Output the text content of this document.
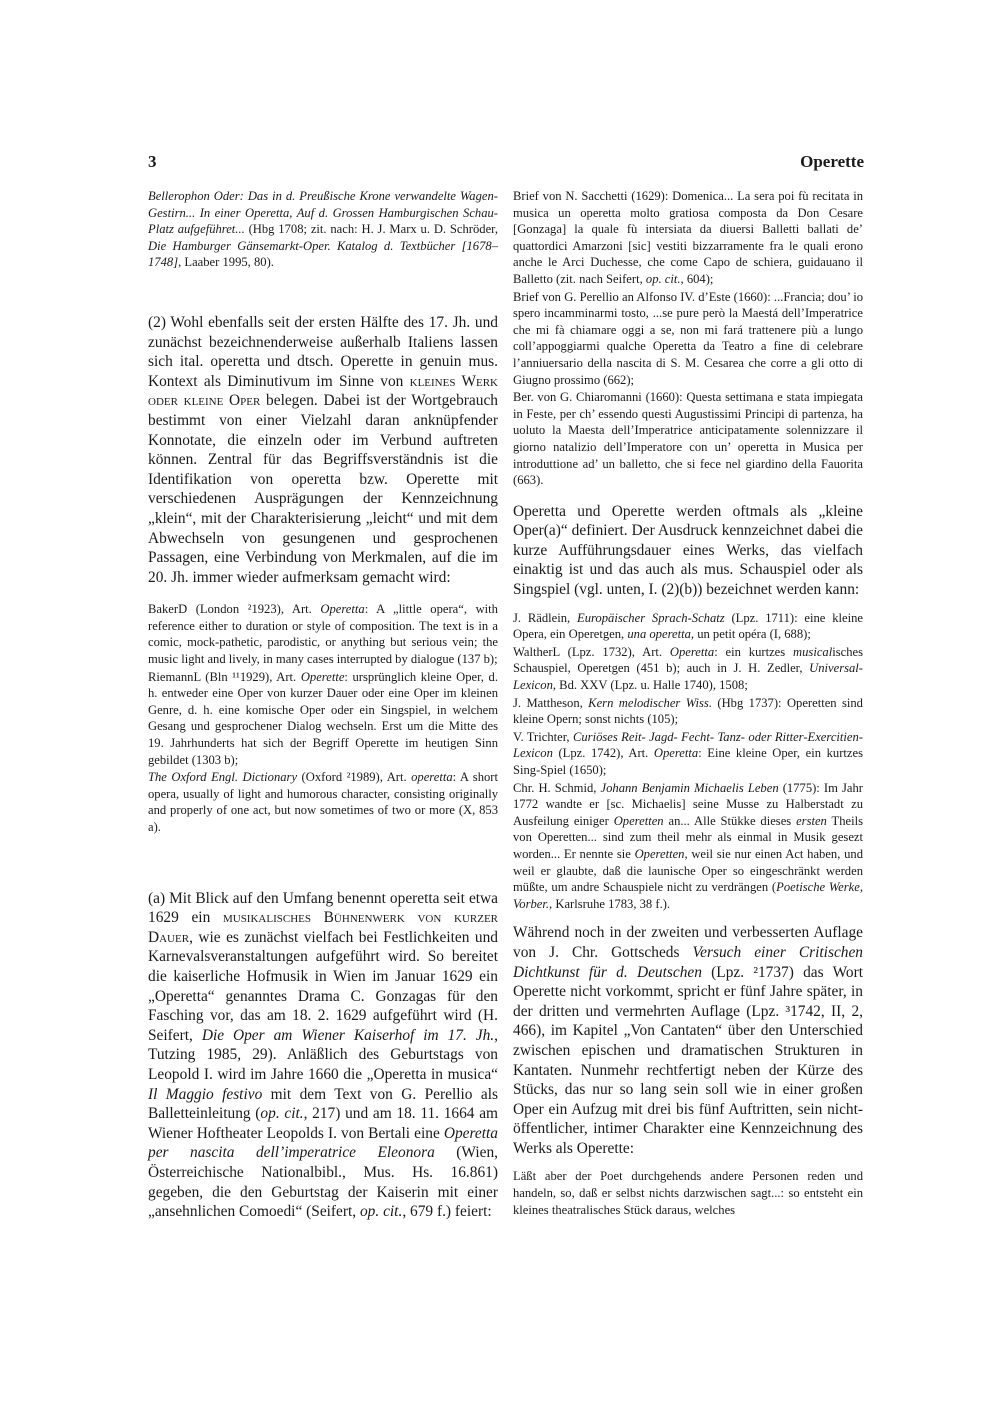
3	Operette

Bellerophon Oder: Das in d. Preußische Krone verwandelte Wagen-Gestirn... In einer Operetta, Auf d. Grossen Hamburgischen Schau-Platz aufgeführet... (Hbg 1708; zit. nach: H. J. Marx u. D. Schröder, Die Hamburger Gänsemarkt-Oper. Katalog d. Textbücher [1678–1748], Laaber 1995, 80).

(2) Wohl ebenfalls seit der ersten Hälfte des 17. Jh. und zunächst bezeichnenderweise außerhalb Italiens lassen sich ital. operetta und dtsch. Operette in genuin mus. Kontext als Diminutivum im Sinne von kleines Werk oder kleine Oper belegen. Dabei ist der Wortgebrauch bestimmt von einer Vielzahl daran anknüpfender Konnotate, die einzeln oder im Verbund auftreten können. Zentral für das Begriffsverständnis ist die Identifikation von operetta bzw. Operette mit verschiedenen Ausprägungen der Kennzeichnung „klein“, mit der Charakterisierung „leicht“ und mit dem Abwechseln von gesungenen und gesprochenen Passagen, eine Verbindung von Merkmalen, auf die im 20. Jh. immer wieder aufmerksam gemacht wird:

BakerD (London ²1923), Art. Operetta: A „little opera“, with reference either to duration or style of composition. The text is in a comic, mock-pathetic, parodistic, or anything but serious vein; the music light and lively, in many cases interrupted by dialogue (137 b);

RiemannL (Bln ¹¹1929), Art. Operette: ursprünglich kleine Oper, d. h. entweder eine Oper von kurzer Dauer oder eine Oper im kleinen Genre, d. h. eine komische Oper oder ein Singspiel, in welchem Gesang und gesprochener Dialog wechseln. Erst um die Mitte des 19. Jahrhunderts hat sich der Begriff Operette im heutigen Sinn gebildet (1303 b);

The Oxford Engl. Dictionary (Oxford ²1989), Art. operetta: A short opera, usually of light and humorous character, consisting originally and properly of one act, but now sometimes of two or more (X, 853 a).

(a) Mit Blick auf den Umfang benennt operetta seit etwa 1629 ein musikalisches Bühnenwerk von kurzer Dauer, wie es zunächst vielfach bei Festlichkeiten und Karnevalsveranstaltungen aufgeführt wird. So bereitet die kaiserliche Hofmusik in Wien im Januar 1629 ein „Operetta“ genanntes Drama C. Gonzagas für den Fasching vor, das am 18. 2. 1629 aufgeführt wird (H. Seifert, Die Oper am Wiener Kaiserhof im 17. Jh., Tutzing 1985, 29). Anläßlich des Geburtstags von Leopold I. wird im Jahre 1660 die „Operetta in musica“ Il Maggio festivo mit dem Text von G. Perellio als Balletteinleitung (op. cit., 217) und am 18. 11. 1664 am Wiener Hoftheater Leopolds I. von Bertali eine Operetta per nascita dell’imperatrice Eleonora (Wien, Österreichische Nationalbibl., Mus. Hs. 16.861) gegeben, die den Geburtstag der Kaiserin mit einer „ansehnlichen Comoedi“ (Seifert, op. cit., 679 f.) feiert:

Brief von N. Sacchetti (1629): Domenica... La sera poi fù recitata in musica un operetta molto gratiosa composta da Don Cesare [Gonzaga] la quale fù intersiata da diuersi Balletti ballati de’ quattordici Amarzoni [sic] vestiti bizzarramente fra le quali erono anche le Arci Duchesse, che come Capo de schiera, guidauano il Balletto (zit. nach Seifert, op. cit., 604);

Brief von G. Perellio an Alfonso IV. d’Este (1660): ...Francia; dou’ io spero incamminarmi tosto, ...se pure però la Maestá dell’Imperatrice che mi fà chiamare oggi a se, non mi fará trattenere più a lungo coll’appoggiarmi qualche Operetta da Teatro a fine di celebrare l’anniuersario della nascita di S. M. Cesarea che corre a gli otto di Giugno prossimo (662);

Ber. von G. Chiaromanni (1660): Questa settimana e stata impiegata in Feste, per ch’ essendo questi Augustissimi Principi di partenza, ha uoluto la Maesta dell’Imperatrice anticipatamente solennizzare il giorno natalizio dell’Imperatore con un’ operetta in Musica per introduttione ad’ un balletto, che si fece nel giardino della Fauorita (663).

Operetta und Operette werden oftmals als „kleine Oper(a)“ definiert. Der Ausdruck kennzeichnet dabei die kurze Aufführungsdauer eines Werks, das vielfach einaktig ist und das auch als mus. Schauspiel oder als Singspiel (vgl. unten, I. (2)(b)) bezeichnet werden kann:

J. Rädlein, Europäischer Sprach-Schatz (Lpz. 1711): eine kleine Opera, ein Operetgen, una operetta, un petit opéra (I, 688);

WaltherL (Lpz. 1732), Art. Operetta: ein kurtzes musicalisches Schauspiel, Operetgen (451 b); auch in J. H. Zedler, Universal-Lexicon, Bd. XXV (Lpz. u. Halle 1740), 1508;

J. Mattheson, Kern melodischer Wiss. (Hbg 1737): Operetten sind kleine Opern; sonst nichts (105);

V. Trichter, Curiöses Reit- Jagd- Fecht- Tanz- oder Ritter-Exercitien-Lexicon (Lpz. 1742), Art. Operetta: Eine kleine Oper, ein kurtzes Sing-Spiel (1650);

Chr. H. Schmid, Johann Benjamin Michaelis Leben (1775): Im Jahr 1772 wandte er [sc. Michaelis] seine Musse zu Halberstadt zu Ausfeilung einiger Operetten an... Alle Stükke dieses ersten Theils von Operetten... sind zum theil mehr als einmal in Musik gesezt worden... Er nennte sie Operetten, weil sie nur einen Act haben, und weil er glaubte, daß die launische Oper so eingeschränkt werden müßte, um andre Schauspiele nicht zu verdrängen (Poetische Werke, Vorber., Karlsruhe 1783, 38 f.).

Während noch in der zweiten und verbesserten Auflage von J. Chr. Gottscheds Versuch einer Critischen Dichtkunst für d. Deutschen (Lpz. ²1737) das Wort Operette nicht vorkommt, spricht er fünf Jahre später, in der dritten und vermehrten Auflage (Lpz. ³1742, II, 2, 466), im Kapitel „Von Cantaten“ über den Unterschied zwischen epischen und dramatischen Strukturen in Kantaten. Nunmehr rechtfertigt neben der Kürze des Stücks, das nur so lang sein soll wie in einer großen Oper ein Aufzug mit drei bis fünf Auftritten, sein nicht-öffentlicher, intimer Charakter eine Kennzeichnung des Werks als Operette:

Läßt aber der Poet durchgehends andere Personen reden und handeln, so, daß er selbst nichts darzwischen sagt...: so entsteht ein kleines theatralisches Stück daraus, welches
